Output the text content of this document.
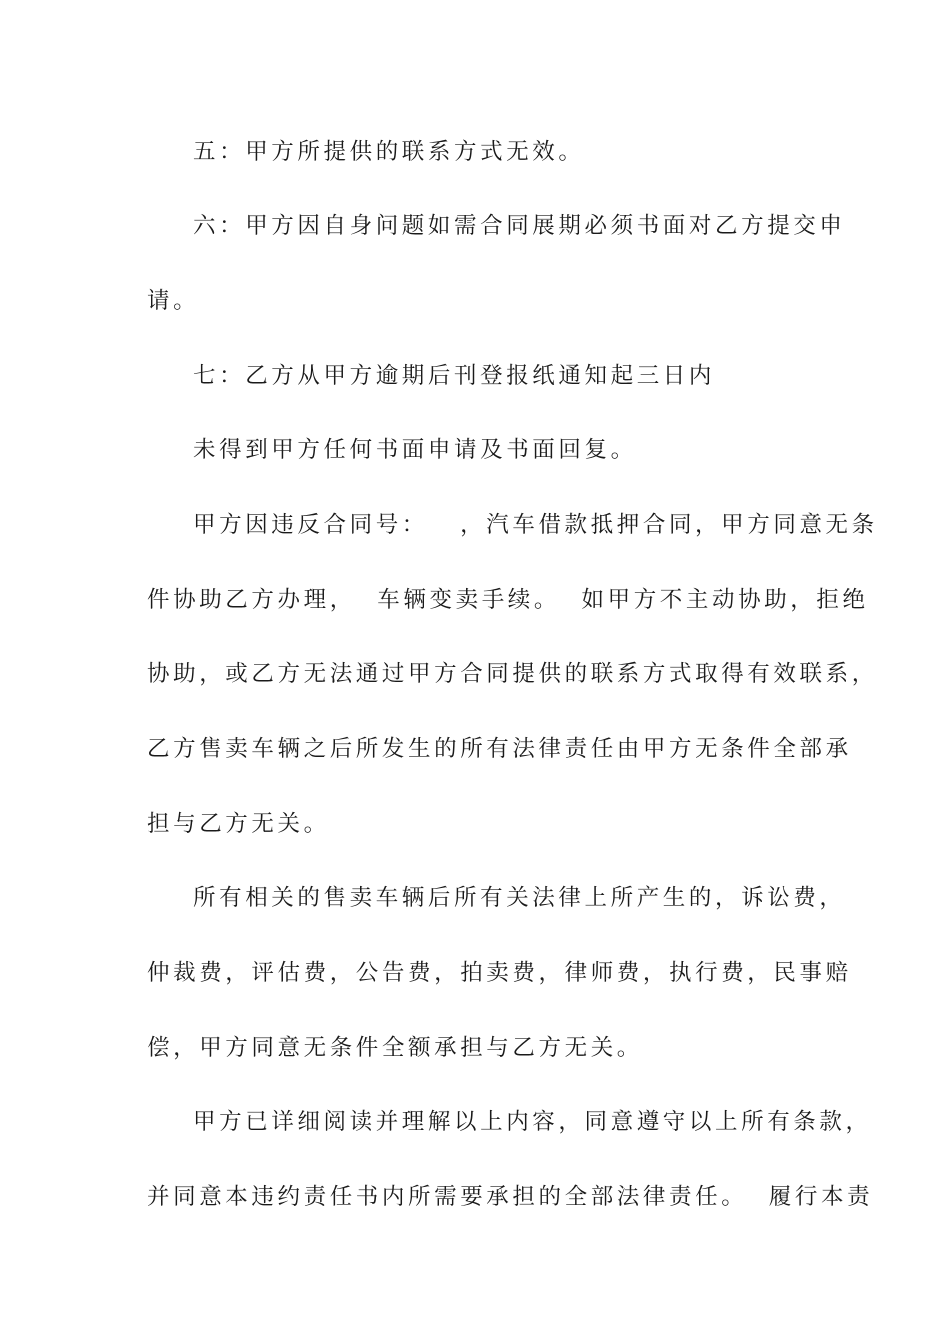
五：甲方所提供的联系方式无效。
六：甲方因自身问题如需合同展期必须书面对乙方提交申
请。
七：乙方从甲方逾期后刊登报纸通知起三日内
未得到甲方任何书面申请及书面回复。
甲方因违反合同号：   ，汽车借款抵押合同，甲方同意无条
件协助乙方办理，  车辆变卖手续。  如甲方不主动协助，拒绝
协助，或乙方无法通过甲方合同提供的联系方式取得有效联系，
乙方售卖车辆之后所发生的所有法律责任由甲方无条件全部承
担与乙方无关。
所有相关的售卖车辆后所有关法律上所产生的，诉讼费，
仲裁费，评估费，公告费，拍卖费，律师费，执行费，民事赔
偿，甲方同意无条件全额承担与乙方无关。
甲方已详细阅读并理解以上内容，同意遵守以上所有条款，
并同意本违约责任书内所需要承担的全部法律责任。  履行本责
